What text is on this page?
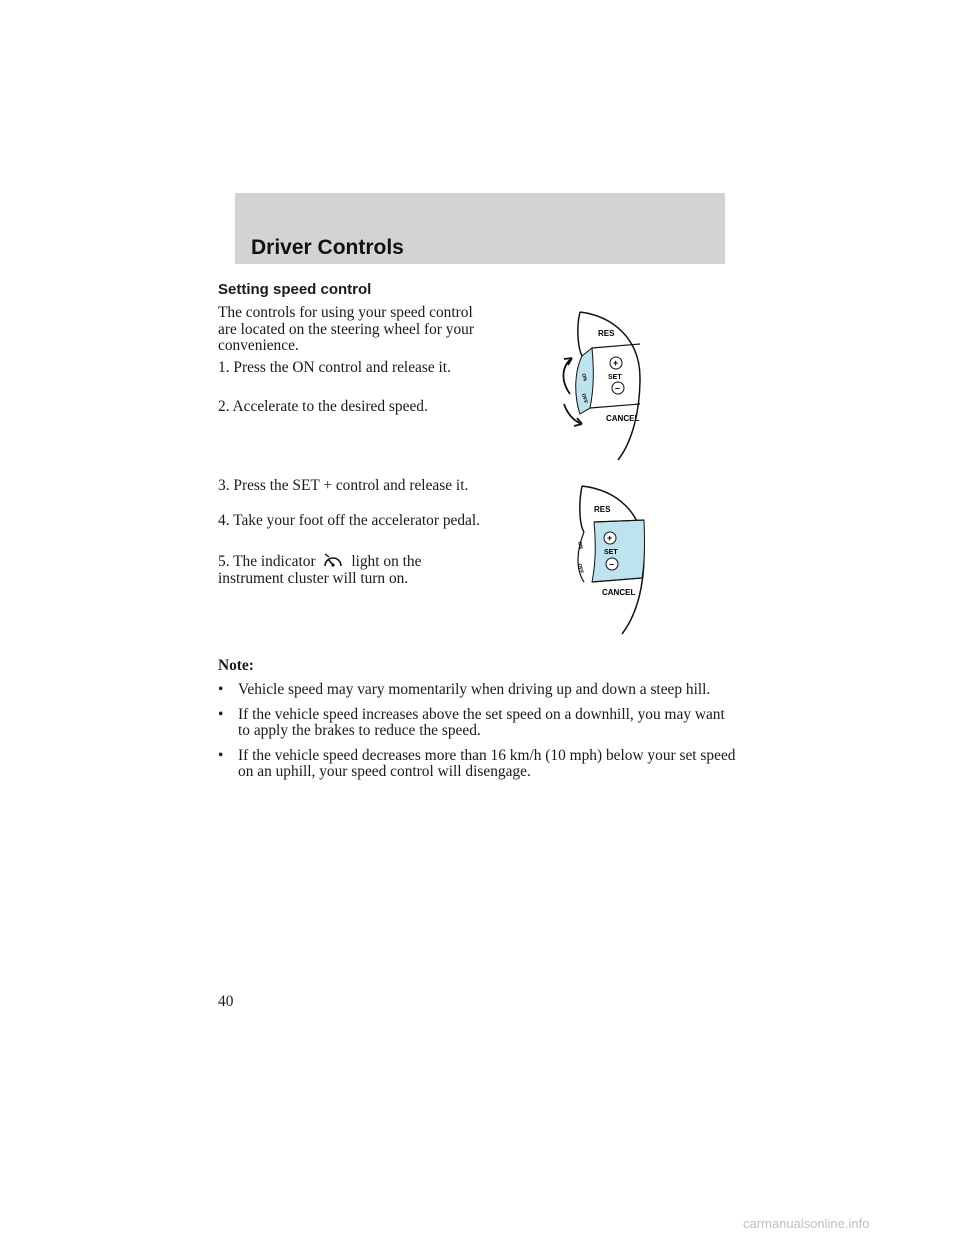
Driver Controls
Setting speed control

The controls for using your speed control are located on the steering wheel for your convenience.

1. Press the ON control and release it.

2. Accelerate to the desired speed.

3. Press the SET + control and release it.

4. Take your foot off the accelerator pedal.

5. The indicator light on the instrument cluster will turn on.

RES
+
SET
–
CANCEL
ON
OFF
RES
+
SET
–
CANCEL
ON
OFF

Note:

• Vehicle speed may vary momentarily when driving up and down a steep hill.
• If the vehicle speed increases above the set speed on a downhill, you may want to apply the brakes to reduce the speed.
• If the vehicle speed decreases more than 16 km/h (10 mph) below your set speed on an uphill, your speed control will disengage.

40

carmanualsonline.info
